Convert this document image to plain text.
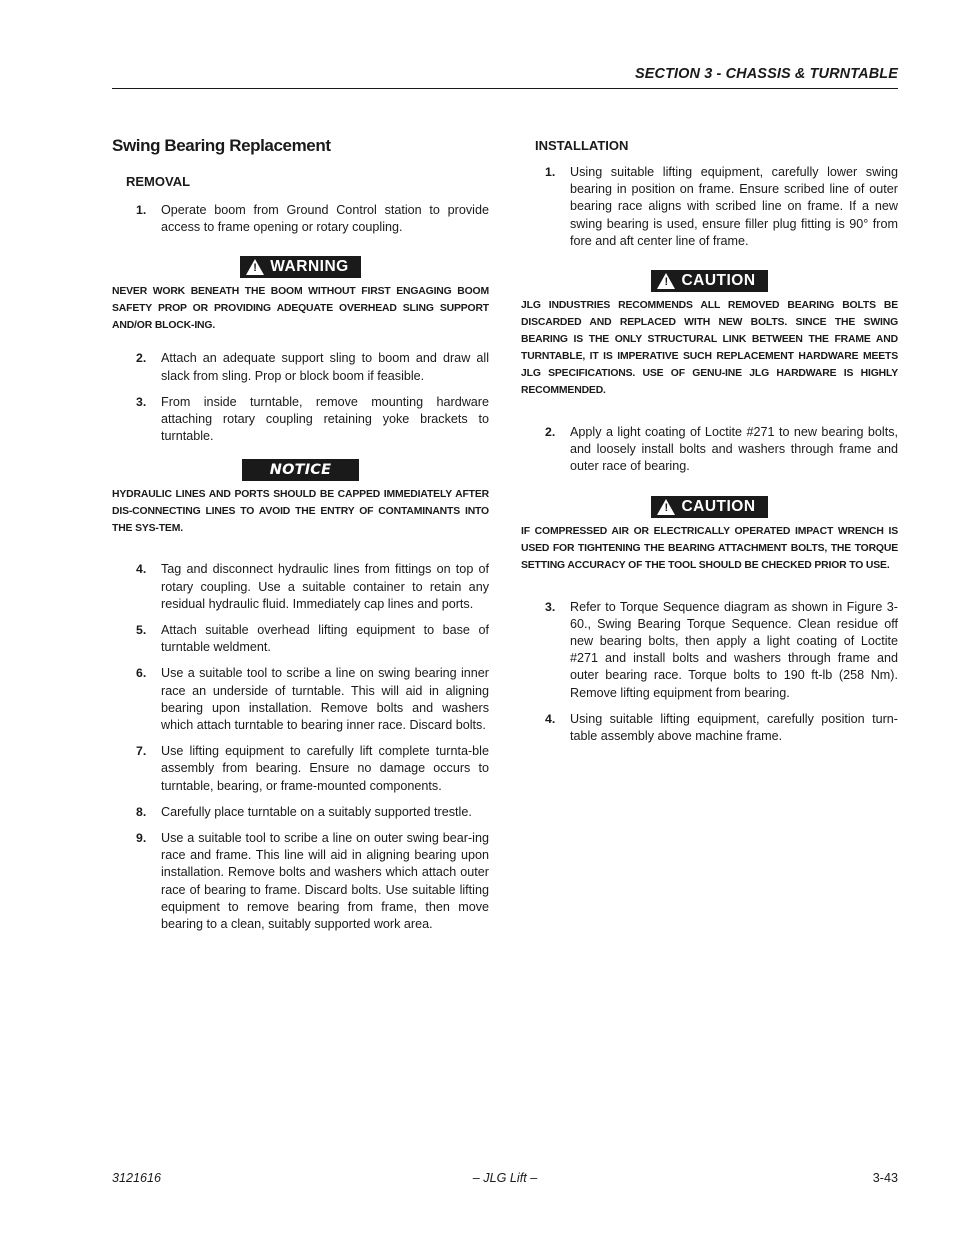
SECTION 3 - CHASSIS & TURNTABLE
Swing Bearing Replacement
REMOVAL
1. Operate boom from Ground Control station to provide access to frame opening or rotary coupling.
! WARNING

NEVER WORK BENEATH THE BOOM WITHOUT FIRST ENGAGING BOOM SAFETY PROP OR PROVIDING ADEQUATE OVERHEAD SLING SUPPORT AND/OR BLOCK-ING.

2. Attach an adequate support sling to boom and draw all slack from sling. Prop or block boom if feasible.
3. From inside turntable, remove mounting hardware attaching rotary coupling retaining yoke brackets to turntable.
NOTICE

HYDRAULIC LINES AND PORTS SHOULD BE CAPPED IMMEDIATELY AFTER DIS-CONNECTING LINES TO AVOID THE ENTRY OF CONTAMINANTS INTO THE SYS-TEM.

4. Tag and disconnect hydraulic lines from fittings on top of rotary coupling. Use a suitable container to retain any residual hydraulic fluid. Immediately cap lines and ports.
5. Attach suitable overhead lifting equipment to base of turntable weldment.
6. Use a suitable tool to scribe a line on swing bearing inner race an underside of turntable. This will aid in aligning bearing upon installation. Remove bolts and washers which attach turntable to bearing inner race. Discard bolts.
7. Use lifting equipment to carefully lift complete turnta-ble assembly from bearing. Ensure no damage occurs to turntable, bearing, or frame-mounted components.
8. Carefully place turntable on a suitably supported trestle.
9. Use a suitable tool to scribe a line on outer swing bear-ing race and frame. This line will aid in aligning bearing upon installation. Remove bolts and washers which attach outer race of bearing to frame. Discard bolts. Use suitable lifting equipment to remove bearing from frame, then move bearing to a clean, suitably supported work area.
INSTALLATION
1. Using suitable lifting equipment, carefully lower swing bearing in position on frame. Ensure scribed line of outer bearing race aligns with scribed line on frame. If a new swing bearing is used, ensure filler plug fitting is 90° from fore and aft center line of frame.
! CAUTION

JLG INDUSTRIES RECOMMENDS ALL REMOVED BEARING BOLTS BE DISCARDED AND REPLACED WITH NEW BOLTS. SINCE THE SWING BEARING IS THE ONLY STRUCTURAL LINK BETWEEN THE FRAME AND TURNTABLE, IT IS IMPERATIVE SUCH REPLACEMENT HARDWARE MEETS JLG SPECIFICATIONS. USE OF GENU-INE JLG HARDWARE IS HIGHLY RECOMMENDED.

2. Apply a light coating of Loctite #271 to new bearing bolts, and loosely install bolts and washers through frame and outer race of bearing.
! CAUTION

IF COMPRESSED AIR OR ELECTRICALLY OPERATED IMPACT WRENCH IS USED FOR TIGHTENING THE BEARING ATTACHMENT BOLTS, THE TORQUE SETTING ACCURACY OF THE TOOL SHOULD BE CHECKED PRIOR TO USE.

3. Refer to Torque Sequence diagram as shown in Figure 3-60., Swing Bearing Torque Sequence. Clean residue off new bearing bolts, then apply a light coating of Loctite #271 and install bolts and washers through frame and outer bearing race. Torque bolts to 190 ft-lb (258 Nm). Remove lifting equipment from bearing.
4. Using suitable lifting equipment, carefully position turn-table assembly above machine frame.
3121616	– JLG Lift –	3-43
